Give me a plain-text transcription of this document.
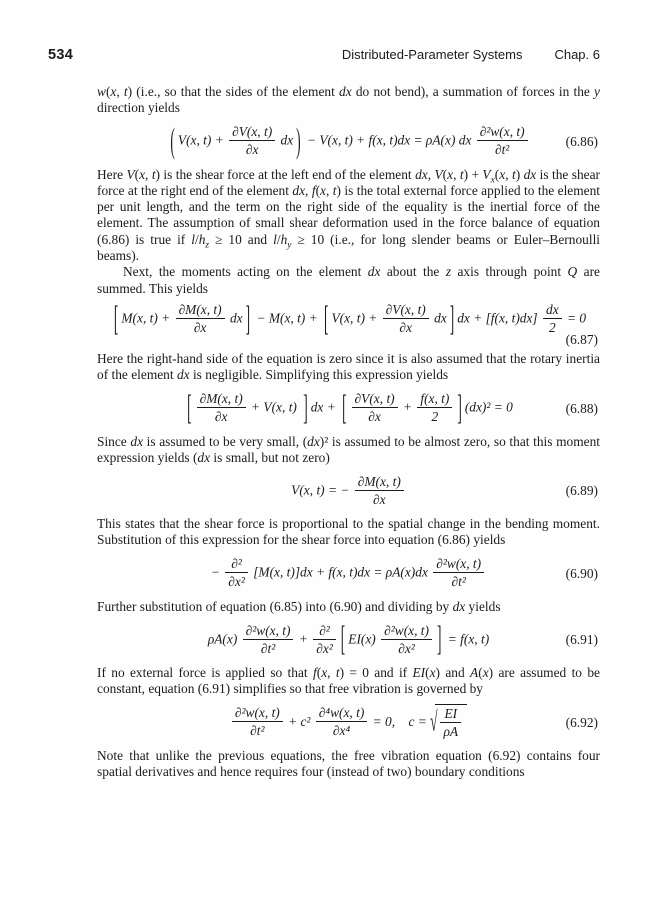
534	Distributed-Parameter Systems Chap. 6

w(x, t) (i.e., so that the sides of the element dx do not bend), a summation of forces in the y direction yields

( V(x, $t) + \frac{\partial V(x, t)}{\partial x}$ dx ) − V(x, t) + f(x, t)dx = ρA(x) dx $\frac{\text{∂²w(x, t)}}{\text{∂t²}}$	(6.86)

Here V(x, t) is the shear force at the left end of the element dx, V(x, $t) + V_x(x$, t) dx is the shear force at the right end of the element dx, f(x, t) is the total external force applied to the element per unit length, and the term on the right side of the equality is the inertial force of the element. The assumption of small shear deformation used in the force balance of equation (6.86) is true if $l/h_z \ge 10$ and $l/h_y \ge 10$ (i.e., for long slender beams or Euler–Bernoulli beams).

Next, the moments acting on the element dx about the z axis through point Q are summed. This yields

[ M(x, $t) + \frac{\partial M(x, t)}{\partial x}$ dx ] − M(x, t) + [ V(x, $t) + \frac{\partial V(x, t)}{\partial x}$ dx ] dx + [f(x, $t)dx] \frac{dx}{2} = 0$
(6.87)

Here the right-hand side of the equation is zero since it is also assumed that the rotary inertia of the element dx is negligible. Simplifying this expression yields

[ $\frac{\partial M(x, t)}{\partial x} + V(x$, t) ] dx + [ $\frac{\partial V(x, t)}{\partial x} + \frac{f(x, t)}{2}$ ] (dx)² = 0	(6.88)

Since dx is assumed to be very small, (dx)² is assumed to be almost zero, so that this moment expression yields (dx is small, but not zero)

V(x, t) = − $\frac{\partial M(x, t)}{\partial x}$	(6.89)

This states that the shear force is proportional to the spatial change in the bending moment. Substitution of this expression for the shear force into equation (6.86) yields

− $\frac{\text{∂²}}{\text{∂x²}} [M(x$, t)]dx + f(x, $t)dx = \rho A(x)dx \frac{\text{∂²w(x, t)}}{\text{∂t²}}$	(6.90)

Further substitution of equation (6.85) into (6.90) and dividing by dx yields

$\rho A(x) \frac{\text{∂²w(x, t)}}{\text{∂t²}} + \frac{\text{∂²}}{\text{∂x²}}$ [ $EI(x) \frac{\text{∂²w(x, t)}}{\text{∂x²}}$ ] = f(x, t)	(6.91)

If no external force is applied so that f(x, t) = 0 and if EI(x) and A(x) are assumed to be constant, equation (6.91) simplifies so that free vibration is governed by

$\frac{\text{∂²w(x, t)}}{\text{∂t²}} + c^2 \frac{\text{∂⁴w(x, t)}}{\text{∂x⁴}} = 0$, c = √ $\frac{EI}{\rho A}$	(6.92)

Note that unlike the previous equations, the free vibration equation (6.92) contains four spatial derivatives and hence requires four (instead of two) boundary conditions
